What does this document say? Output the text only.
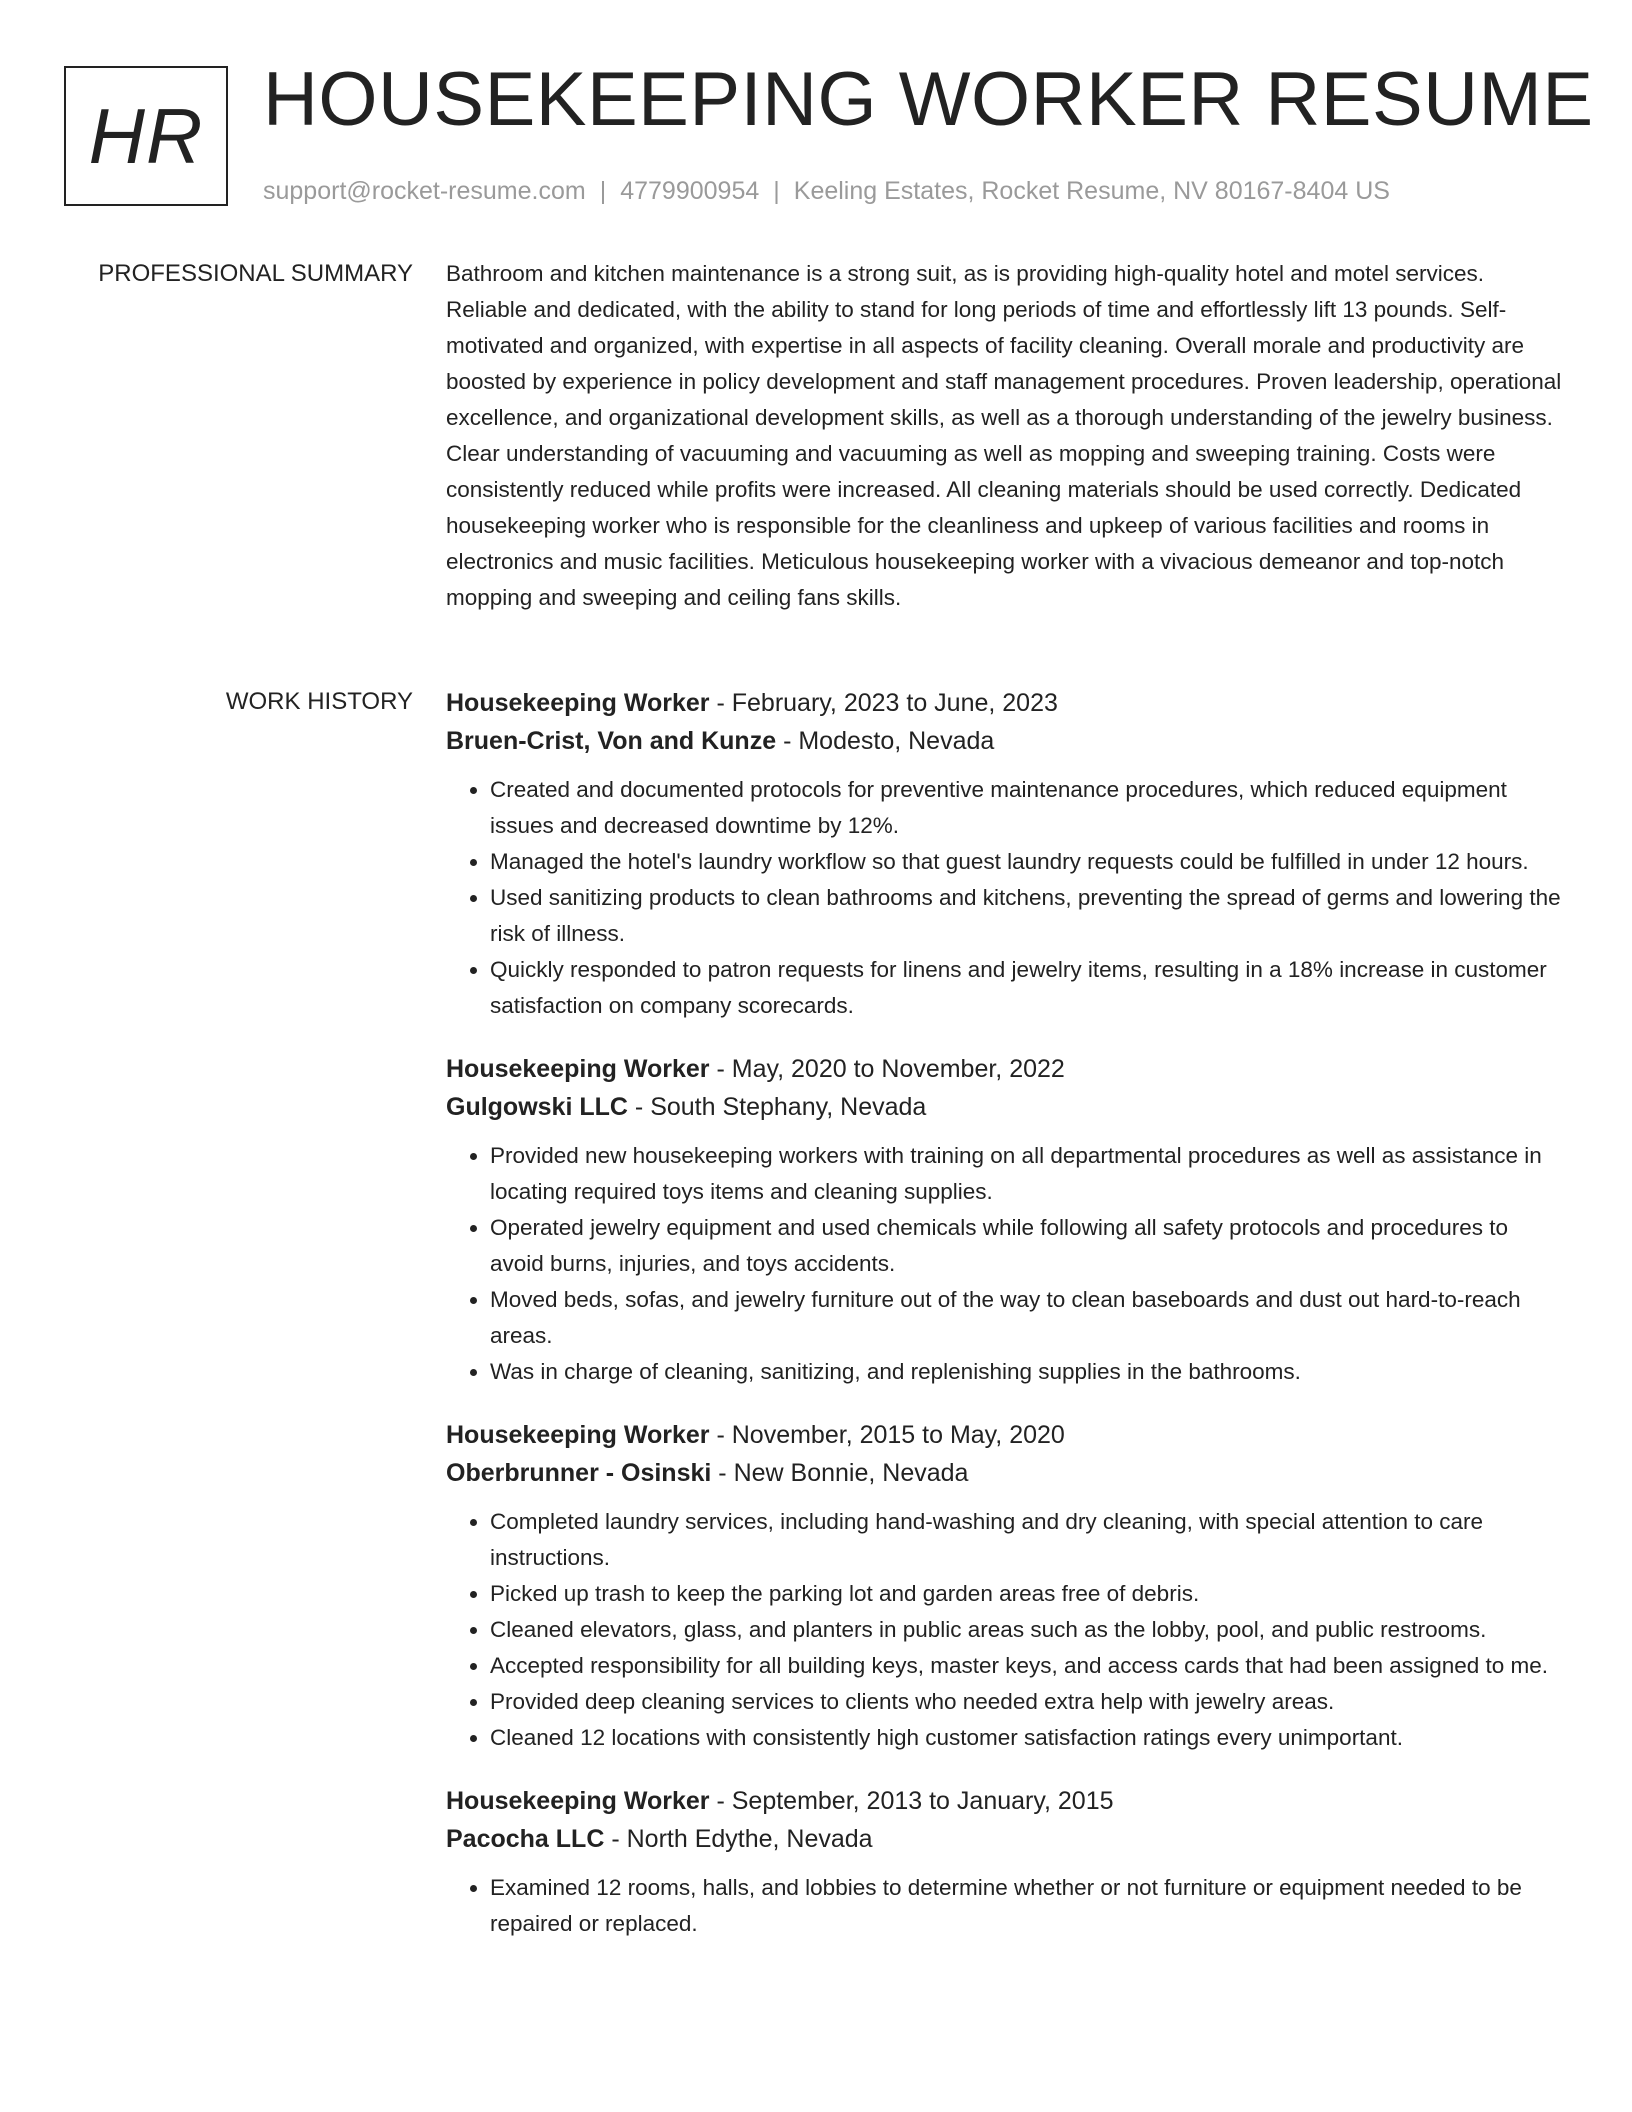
HR HOUSEKEEPING WORKER RESUME
support@rocket-resume.com | 4779900954 | Keeling Estates, Rocket Resume, NV 80167-8404 US
PROFESSIONAL SUMMARY Bathroom and kitchen maintenance is a strong suit, as is providing high-quality hotel and motel services. Reliable and dedicated, with the ability to stand for long periods of time and effortlessly lift 13 pounds. Self-motivated and organized, with expertise in all aspects of facility cleaning. Overall morale and productivity are boosted by experience in policy development and staff management procedures. Proven leadership, operational excellence, and organizational development skills, as well as a thorough understanding of the jewelry business. Clear understanding of vacuuming and vacuuming as well as mopping and sweeping training. Costs were consistently reduced while profits were increased. All cleaning materials should be used correctly. Dedicated housekeeping worker who is responsible for the cleanliness and upkeep of various facilities and rooms in electronics and music facilities. Meticulous housekeeping worker with a vivacious demeanor and top-notch mopping and sweeping and ceiling fans skills.

WORK HISTORY Housekeeping Worker - February, 2023 to June, 2023
Bruen-Crist, Von and Kunze - Modesto, Nevada
• Created and documented protocols for preventive maintenance procedures, which reduced equipment issues and decreased downtime by 12%.
• Managed the hotel's laundry workflow so that guest laundry requests could be fulfilled in under 12 hours.
• Used sanitizing products to clean bathrooms and kitchens, preventing the spread of germs and lowering the risk of illness.
• Quickly responded to patron requests for linens and jewelry items, resulting in a 18% increase in customer satisfaction on company scorecards.
Housekeeping Worker - May, 2020 to November, 2022
Gulgowski LLC - South Stephany, Nevada
• Provided new housekeeping workers with training on all departmental procedures as well as assistance in locating required toys items and cleaning supplies.
• Operated jewelry equipment and used chemicals while following all safety protocols and procedures to avoid burns, injuries, and toys accidents.
• Moved beds, sofas, and jewelry furniture out of the way to clean baseboards and dust out hard-to-reach areas.
• Was in charge of cleaning, sanitizing, and replenishing supplies in the bathrooms.
Housekeeping Worker - November, 2015 to May, 2020
Oberbrunner - Osinski - New Bonnie, Nevada
• Completed laundry services, including hand-washing and dry cleaning, with special attention to care instructions.
• Picked up trash to keep the parking lot and garden areas free of debris.
• Cleaned elevators, glass, and planters in public areas such as the lobby, pool, and public restrooms.
• Accepted responsibility for all building keys, master keys, and access cards that had been assigned to me.
• Provided deep cleaning services to clients who needed extra help with jewelry areas.
• Cleaned 12 locations with consistently high customer satisfaction ratings every unimportant.
Housekeeping Worker - September, 2013 to January, 2015
Pacocha LLC - North Edythe, Nevada
• Examined 12 rooms, halls, and lobbies to determine whether or not furniture or equipment needed to be repaired or replaced.
